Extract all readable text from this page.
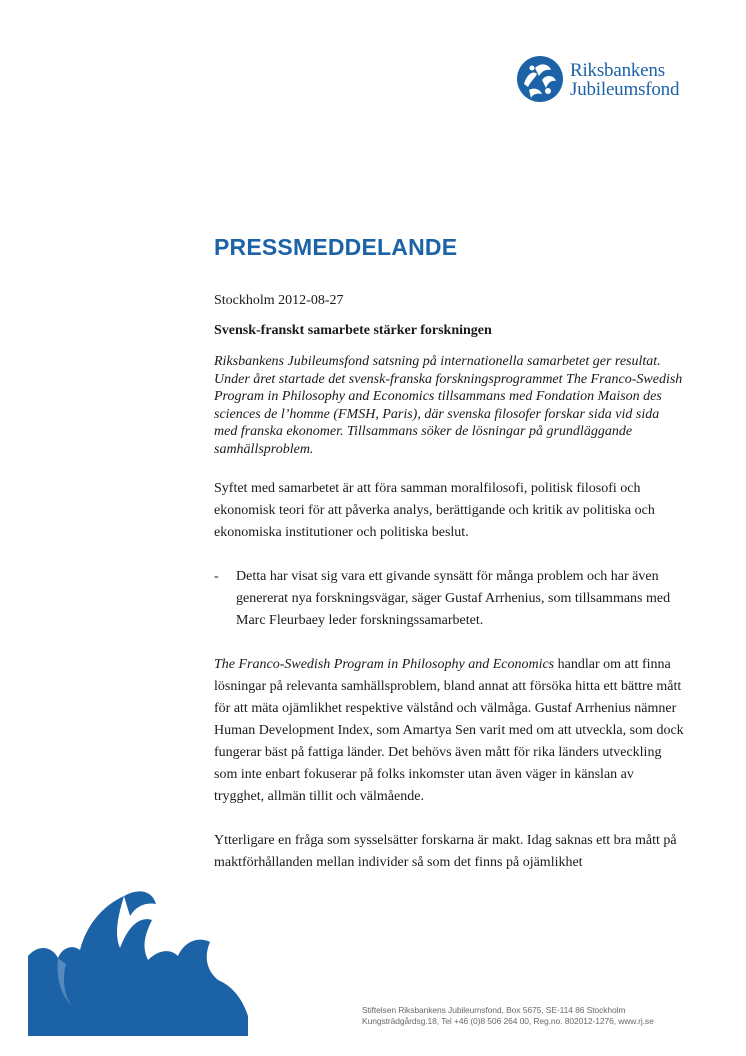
Riksbankens
Jubileumsfond
PRESSMEDDELANDE

Stockholm 2012-08-27

Svensk-franskt samarbete stärker forskningen

Riksbankens Jubileumsfond satsning på internationella samarbetet ger resultat. Under året startade det svensk-franska forskningsprogrammet The Franco-Swedish Program in Philosophy and Economics tillsammans med Fondation Maison des sciences de l’homme (FMSH, Paris), där svenska filosofer forskar sida vid sida med franska ekonomer. Tillsammans söker de lösningar på grundläggande samhällsproblem.

Syftet med samarbetet är att föra samman moralfilosofi, politisk filosofi och ekonomisk teori för att påverka analys, berättigande och kritik av politiska och ekonomiska institutioner och politiska beslut.

- Detta har visat sig vara ett givande synsätt för många problem och har även genererat nya forskningsvägar, säger Gustaf Arrhenius, som tillsammans med Marc Fleurbaey leder forskningssamarbetet.

The Franco-Swedish Program in Philosophy and Economics handlar om att finna lösningar på relevanta samhällsproblem, bland annat att försöka hitta ett bättre mått för att mäta ojämlikhet respektive välstånd och välmåga. Gustaf Arrhenius nämner Human Development Index, som Amartya Sen varit med om att utveckla, som dock fungerar bäst på fattiga länder. Det behövs även mått för rika länders utveckling som inte enbart fokuserar på folks inkomster utan även väger in känslan av trygghet, allmän tillit och välmående.

Ytterligare en fråga som sysselsätter forskarna är makt. Idag saknas ett bra mått på maktförhållanden mellan individer så som det finns på ojämlikhet

Stiftelsen Riksbankens Jubileumsfond, Box 5675, SE-114 86 Stockholm
Kungsträdgårdsg.18, Tel +46 (0)8 506 264 00, Reg.no. 802012-1276, www.rj.se
